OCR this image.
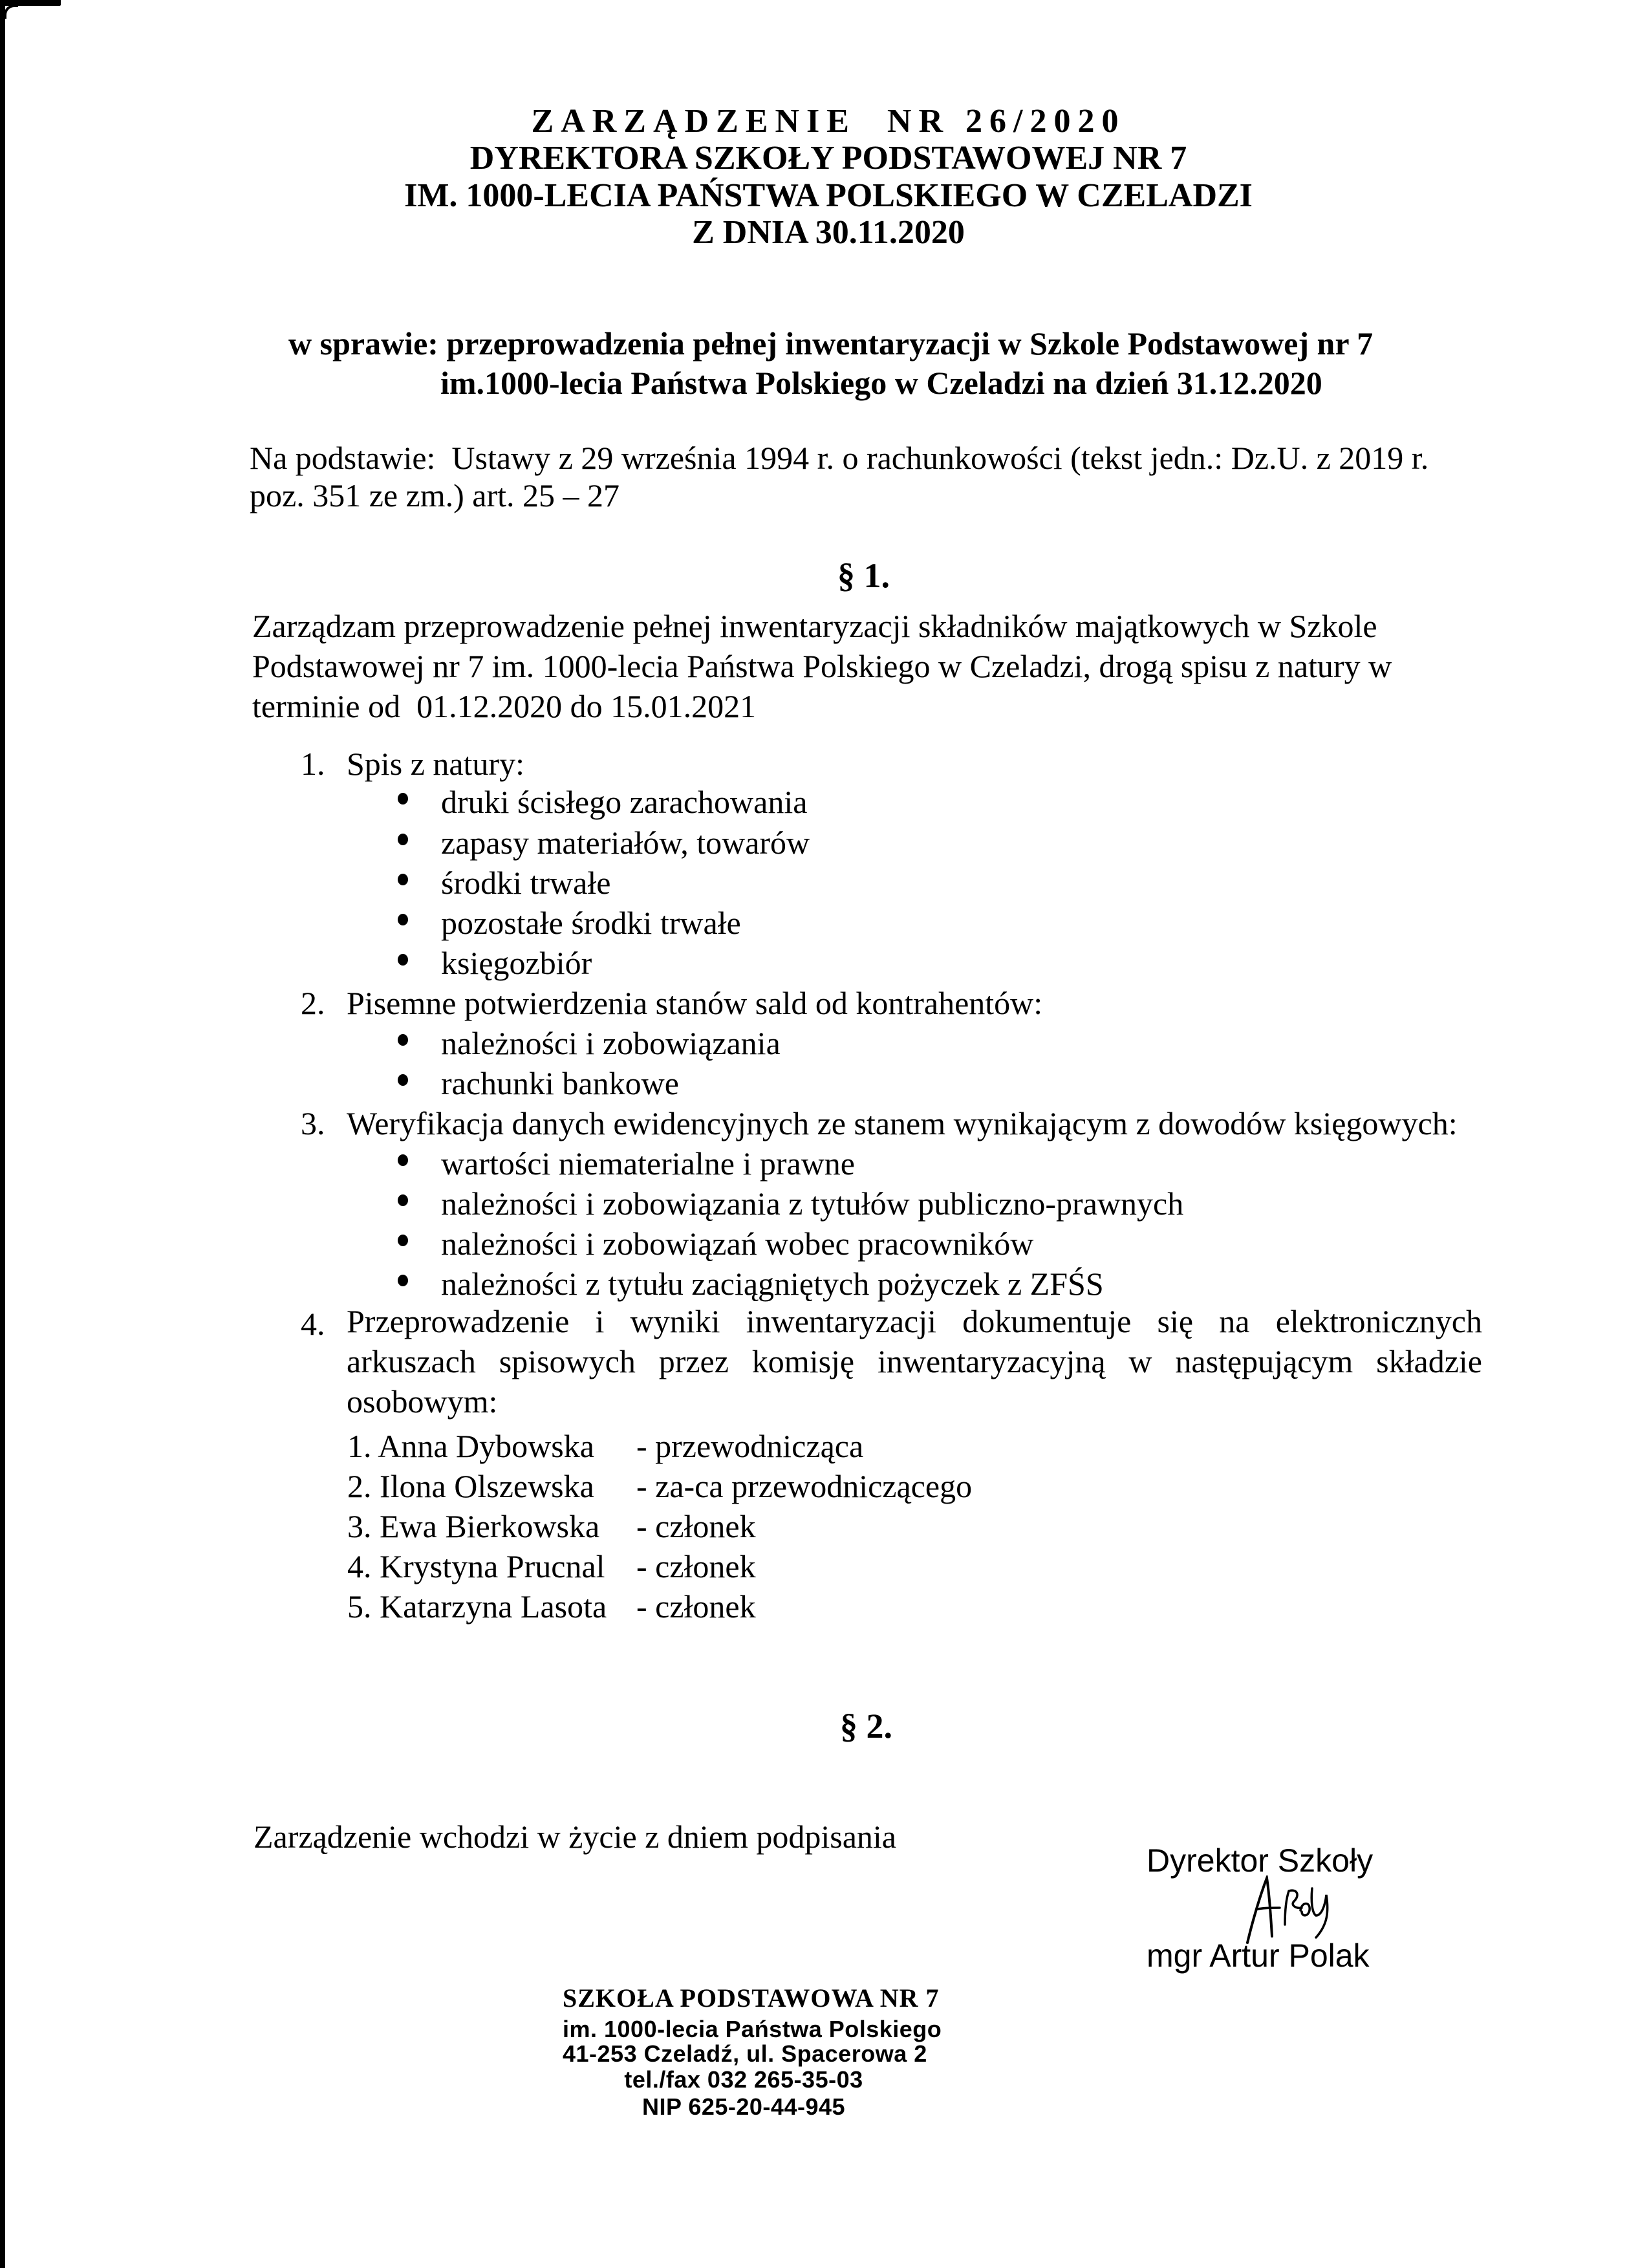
ZARZĄDZENIE  NR 26/2020
DYREKTORA SZKOŁY PODSTAWOWEJ NR 7
IM. 1000-LECIA PAŃSTWA POLSKIEGO W CZELADZI
Z DNIA 30.11.2020
w sprawie: przeprowadzenia pełnej inwentaryzacji w Szkole Podstawowej nr 7
im.1000-lecia Państwa Polskiego w Czeladzi na dzień 31.12.2020
Na podstawie:  Ustawy z 29 września 1994 r. o rachunkowości (tekst jedn.: Dz.U. z 2019 r.
poz. 351 ze zm.) art. 25 – 27
§ 1.
Zarządzam przeprowadzenie pełnej inwentaryzacji składników majątkowych w Szkole
Podstawowej nr 7 im. 1000-lecia Państwa Polskiego w Czeladzi, drogą spisu z natury w
terminie od  01.12.2020 do 15.01.2021
1. Spis z natury:
druki ścisłego zarachowania
zapasy materiałów, towarów
środki trwałe
pozostałe środki trwałe
księgozbiór
2. Pisemne potwierdzenia stanów sald od kontrahentów:
należności i zobowiązania
rachunki bankowe
3. Weryfikacja danych ewidencyjnych ze stanem wynikającym z dowodów księgowych:
wartości niematerialne i prawne
należności i zobowiązania z tytułów publiczno-prawnych
należności i zobowiązań wobec pracowników
należności z tytułu zaciągniętych pożyczek z ZFŚS
4. Przeprowadzenie i wyniki inwentaryzacji dokumentuje się na elektronicznych
arkuszach spisowych przez komisję inwentaryzacyjną w następującym składzie
osobowym:
1. Anna Dybowska - przewodnicząca
2. Ilona Olszewska - za-ca przewodniczącego
3. Ewa Bierkowska - członek
4. Krystyna Prucnal - członek
5. Katarzyna Lasota - członek
§ 2.
Zarządzenie wchodzi w życie z dniem podpisania
Dyrektor Szkoły
mgr Artur Polak
SZKOŁA PODSTAWOWA NR 7
im. 1000-lecia Państwa Polskiego
41-253 Czeladź, ul. Spacerowa 2
tel./fax 032 265-35-03
NIP 625-20-44-945
